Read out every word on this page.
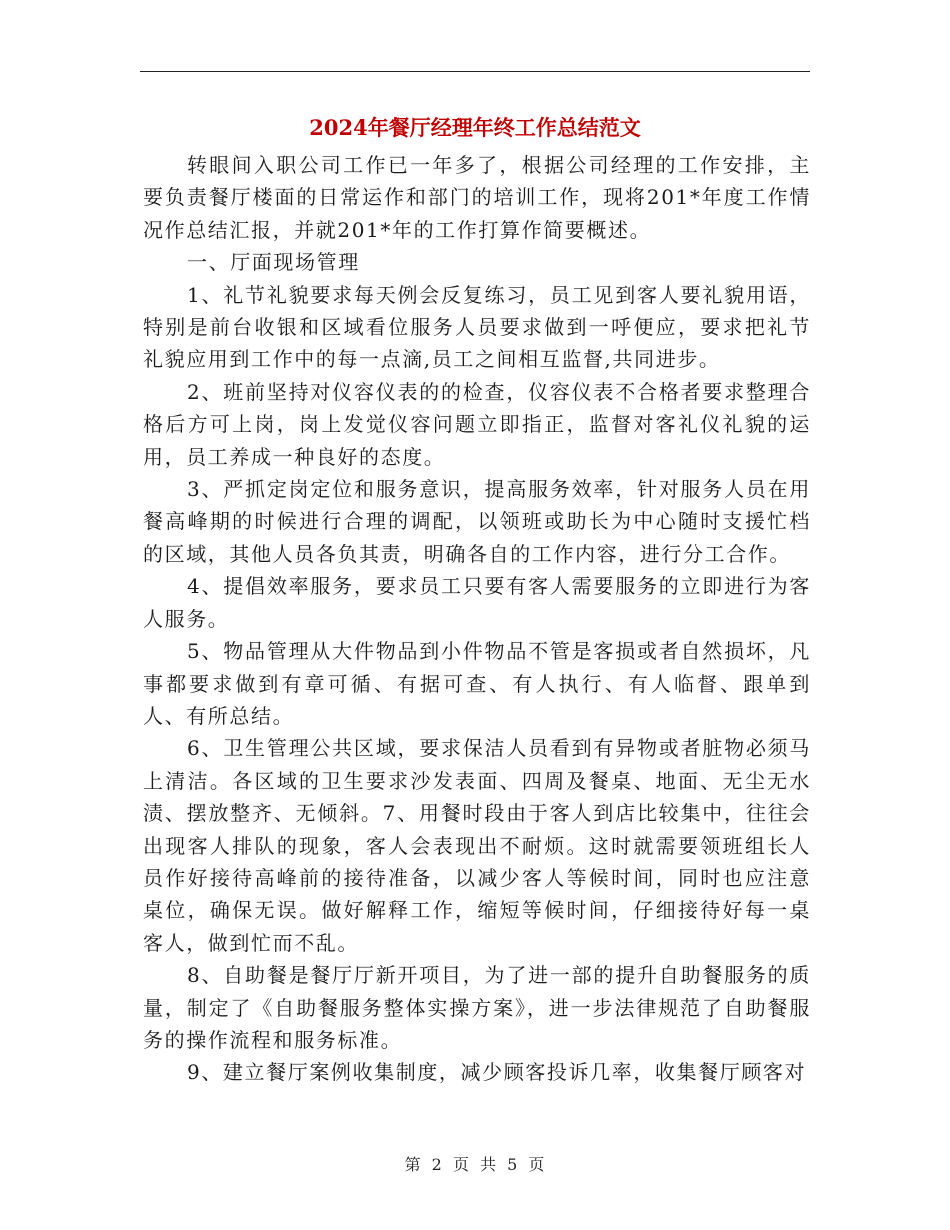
2024年餐厅经理年终工作总结范文

转眼间入职公司工作已一年多了，根据公司经理的工作安排，主要负责餐厅楼面的日常运作和部门的培训工作，现将201*年度工作情况作总结汇报，并就201*年的工作打算作简要概述。

一、厅面现场管理

1、礼节礼貌要求每天例会反复练习，员工见到客人要礼貌用语，特别是前台收银和区域看位服务人员要求做到一呼便应，要求把礼节礼貌应用到工作中的每一点滴,员工之间相互监督,共同进步。

2、班前坚持对仪容仪表的的检查，仪容仪表不合格者要求整理合格后方可上岗，岗上发觉仪容问题立即指正，监督对客礼仪礼貌的运用，员工养成一种良好的态度。

3、严抓定岗定位和服务意识，提高服务效率，针对服务人员在用餐高峰期的时候进行合理的调配，以领班或助长为中心随时支援忙档的区域，其他人员各负其责，明确各自的工作内容，进行分工合作。

4、提倡效率服务，要求员工只要有客人需要服务的立即进行为客人服务。

5、物品管理从大件物品到小件物品不管是客损或者自然损坏，凡事都要求做到有章可循、有据可查、有人执行、有人临督、跟单到人、有所总结。

6、卫生管理公共区域，要求保洁人员看到有异物或者脏物必须马上清洁。各区域的卫生要求沙发表面、四周及餐桌、地面、无尘无水渍、摆放整齐、无倾斜。7、用餐时段由于客人到店比较集中，往往会出现客人排队的现象，客人会表现出不耐烦。这时就需要领班组长人员作好接待高峰前的接待准备，以减少客人等候时间，同时也应注意桌位，确保无误。做好解释工作，缩短等候时间，仔细接待好每一桌客人，做到忙而不乱。

8、自助餐是餐厅厅新开项目，为了进一部的提升自助餐服务的质量，制定了《自助餐服务整体实操方案》，进一步法律规范了自助餐服务的操作流程和服务标准。

9、建立餐厅案例收集制度，减少顾客投诉几率，收集餐厅顾客对

第 2 页 共 5 页
